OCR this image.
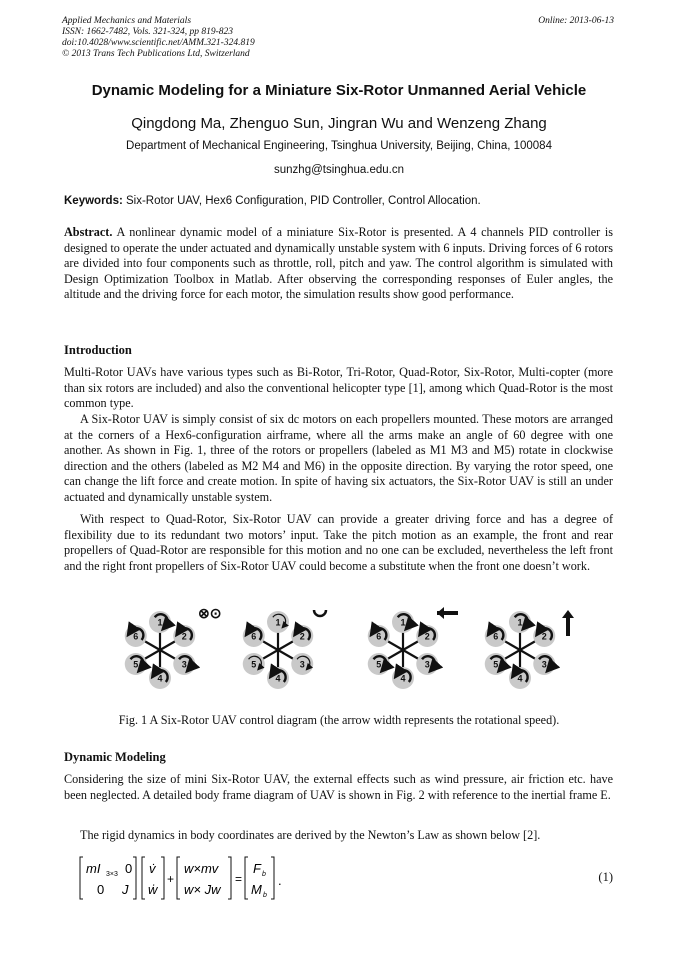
Applied Mechanics and Materials
ISSN: 1662-7482, Vols. 321-324, pp 819-823
doi:10.4028/www.scientific.net/AMM.321-324.819
© 2013 Trans Tech Publications Ltd, Switzerland
Online: 2013-06-13
Dynamic Modeling for a Miniature Six-Rotor Unmanned Aerial Vehicle
Qingdong Ma, Zhenguo Sun, Jingran Wu and Wenzeng Zhang
Department of Mechanical Engineering, Tsinghua University, Beijing, China, 100084
sunzhg@tsinghua.edu.cn
Keywords: Six-Rotor UAV, Hex6 Configuration, PID Controller, Control Allocation.

Abstract. A nonlinear dynamic model of a miniature Six-Rotor is presented. A 4 channels PID controller is designed to operate the under actuated and dynamically unstable system with 6 inputs. Driving forces of 6 rotors are divided into four components such as throttle, roll, pitch and yaw. The control algorithm is simulated with Design Optimization Toolbox in Matlab. After observing the corresponding responses of Euler angles, the altitude and the driving force for each motor, the simulation results show good performance.

Introduction

Multi-Rotor UAVs have various types such as Bi-Rotor, Tri-Rotor, Quad-Rotor, Six-Rotor, Multi-copter (more than six rotors are included) and also the conventional helicopter type [1], among which Quad-Rotor is the most common type.

A Six-Rotor UAV is simply consist of six dc motors on each propellers mounted. These motors are arranged at the corners of a Hex6-configuration airframe, where all the arms make an angle of 60 degree with one another. As shown in Fig. 1, three of the rotors or propellers (labeled as M1 M3 and M5) rotate in clockwise direction and the others (labeled as M2 M4 and M6) in the opposite direction. By varying the rotor speed, one can change the lift force and create motion. In spite of having six actuators, the Six-Rotor UAV is still an under actuated and dynamically unstable system.

With respect to Quad-Rotor, Six-Rotor UAV can provide a greater driving force and has a degree of flexibility due to its redundant two motors’ input. Take the pitch motion as an example, the front and rear propellers of Quad-Rotor are responsible for this motion and no one can be excluded, nevertheless the left front and the right front propellers of Six-Rotor UAV could become a substitute when the front one doesn’t work.

1
2
3
4
5
6
1
2
3
4
5
6
1
2
3
4
5
6
1
2
3
4
5
6
⊗⊙
Fig. 1 A Six-Rotor UAV control diagram (the arrow width represents the rotational speed).
Dynamic Modeling

Considering the size of mini Six-Rotor UAV, the external effects such as wind pressure, air friction etc. have been neglected. A detailed body frame diagram of UAV is shown in Fig. 2 with reference to the inertial frame E.

The rigid dynamics in body coordinates are derived by the Newton’s Law as shown below [2].

mI 3×3 0
0 J
v̇
ẇ
+
w×mv
w× Jw
=
F b
M b
.	(1)
